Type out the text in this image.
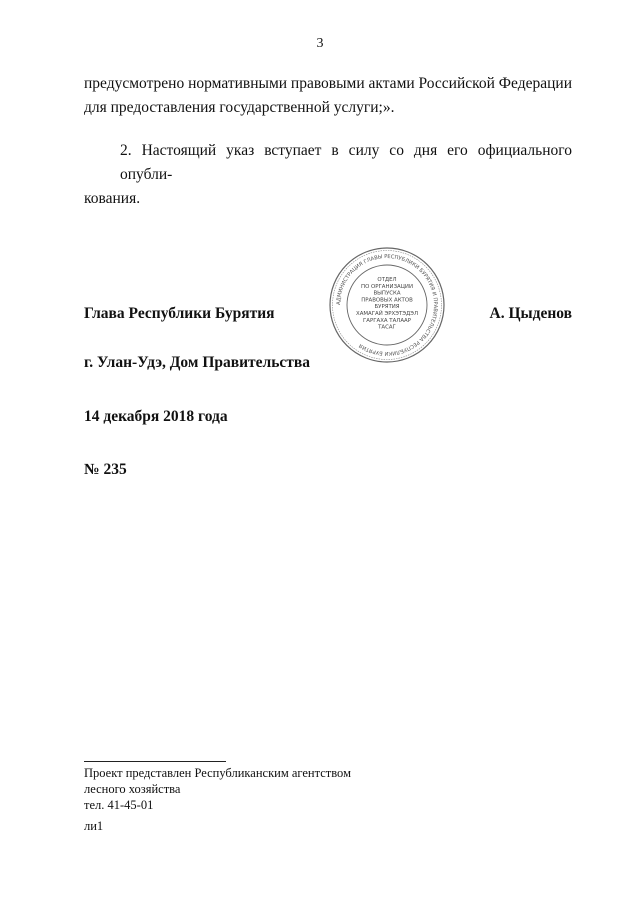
3
предусмотрено нормативными правовыми актами Российской Федерации
для предоставления государственной услуги;».
2. Настоящий указ вступает в силу со дня его официального опубли-
кования.
АДМИНИСТРАЦИЯ ГЛАВЫ РЕСПУБЛИКИ БУРЯТИЯ И ПРАВИТЕЛЬСТВА РЕСПУБЛИКИ БУРЯТИЯ
ОТДЕЛ
ПО ОРГАНИЗАЦИИ
ВЫПУСКА
ПРАВОВЫХ АКТОВ
БУРЯТИЯ
ХАМАГАЙ ЭРХЭТЭДЭЛ
ГАРГАХА ТАЛААР
ТАСАГ
Глава Республики Бурятия	А. Цыденов
г. Улан-Удэ, Дом Правительства
14 декабря 2018 года
№ 235
Проект представлен Республиканским агентством
лесного хозяйства
тел. 41-45-01
ли1
